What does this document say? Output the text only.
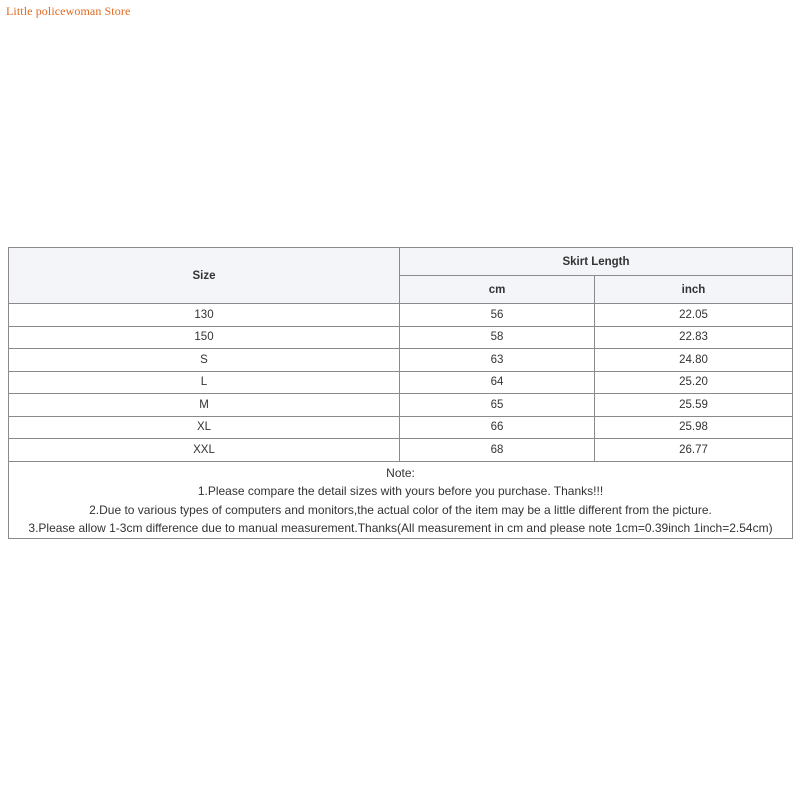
Little policewoman Store
Size	Skirt Length	
	cm	inch
130	56	22.05
150	58	22.83
S	63	24.80
L	64	25.20
M	65	25.59
XL	66	25.98
XXL	68	26.77

Note:
1.Please compare the detail sizes with yours before you purchase. Thanks!!!
2.Due to various types of computers and monitors,the actual color of the item may be a little different from the picture.
3.Please allow 1-3cm difference due to manual measurement.Thanks(All measurement in cm and please note 1cm=0.39inch 1inch=2.54cm)		
